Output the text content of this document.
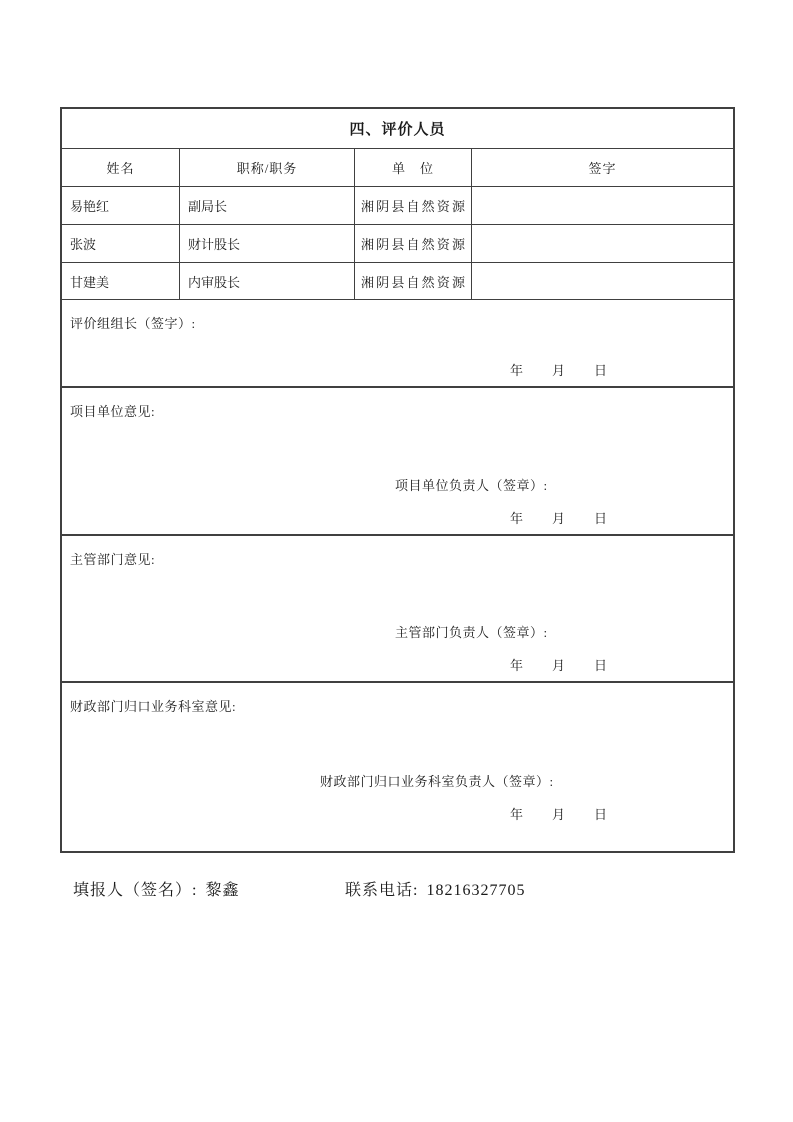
四、评价人员
姓名	职称/职务	单　位	签字
易艳红	副局长	湘阴县自然资源
张波	财计股长	湘阴县自然资源
甘建美	内审股长	湘阴县自然资源
评价组组长（签字）:
年　　月　　日
项目单位意见:
项目单位负责人（签章）:
年　　月　　日
主管部门意见:
主管部门负责人（签章）:
年　　月　　日
财政部门归口业务科室意见:
财政部门归口业务科室负责人（签章）:
年　　月　　日
填报人（签名）: 黎鑫	联系电话: 18216327705
